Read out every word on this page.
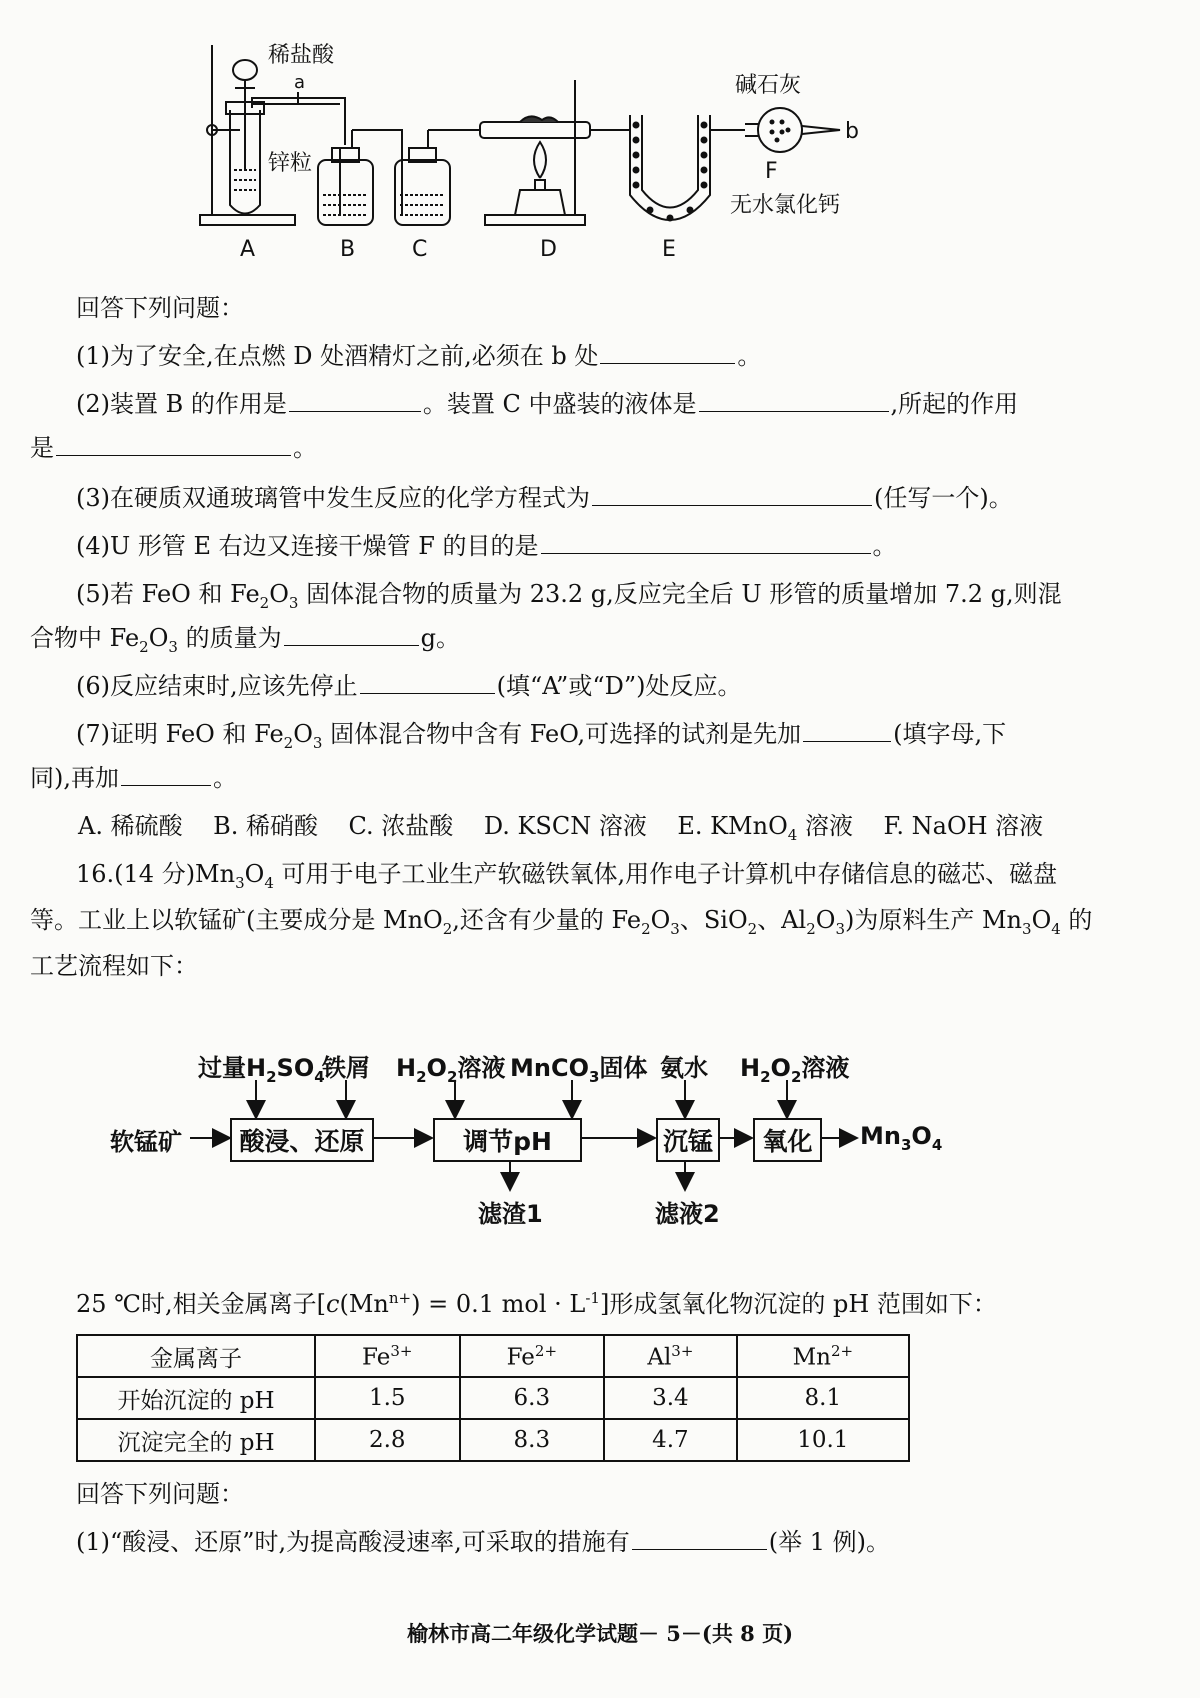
稀盐酸
a
锌粒
碱石灰
b
F
无水氯化钙
A	B	C	D	E
回答下列问题：
(1)为了安全,在点燃 D 处酒精灯之前,必须在 b 处	。
(2)装置 B 的作用是	。装置 C 中盛装的液体是	,所起的作用
是	。
(3)在硬质双通玻璃管中发生反应的化学方程式为	(任写一个)。
(4)U 形管 E 右边又连接干燥管 F 的目的是	。
(5)若 FeO 和 $Fe_2O_3$ 固体混合物的质量为 23.2 g,反应完全后 U 形管的质量增加 7.2 g,则混
合物中 $Fe_2O_3$ 的质量为	g。
(6)反应结束时,应该先停止	(填“A”或“D”)处反应。
(7)证明 FeO 和 $Fe_2O_3$ 固体混合物中含有 FeO,可选择的试剂是先加	(填字母,下
同),再加	。
A. 稀硫酸 B. 稀硝酸 C. 浓盐酸 D. KSCN 溶液 E. KMnO$_4$ 溶液 F. NaOH 溶液
16.(14 分)$Mn_3O_4$ 可用于电子工业生产软磁铁氧体,用作电子计算机中存储信息的磁芯、磁盘
等。工业上以软锰矿(主要成分是 MnO$_2$,还含有少量的 $Fe_2O_3$、SiO$_2$、$Al_2O_3$)为原料生产 $Mn_3O_4$ 的
工艺流程如下：
软锰矿	酸浸、还原	调节pH	沉锰	氧化	$Mn_3O_4$
过量$H_2SO_4$
铁屑 $H_2O_2$溶液 MnCO$_3$固体 氨水 $H_2O_2$溶液
滤渣1	滤液2
25 ℃时,相关金属离子[$c(Mn^{n+}) = 0.1$ mol · $L^{-1}$]形成氢氧化物沉淀的 pH 范围如下：
金属离子	$Fe^{3+}$	$Fe^{2+}$	$Al^{3+}$	$Mn^{2+}$
开始沉淀的 pH	1.5	6.3	3.4	8.1
沉淀完全的 pH	2.8	8.3	4.7	10.1
回答下列问题：
(1)“酸浸、还原”时,为提高酸浸速率,可采取的措施有	(举 1 例)。
榆林市高二年级化学试题－ 5－(共 8 页)
